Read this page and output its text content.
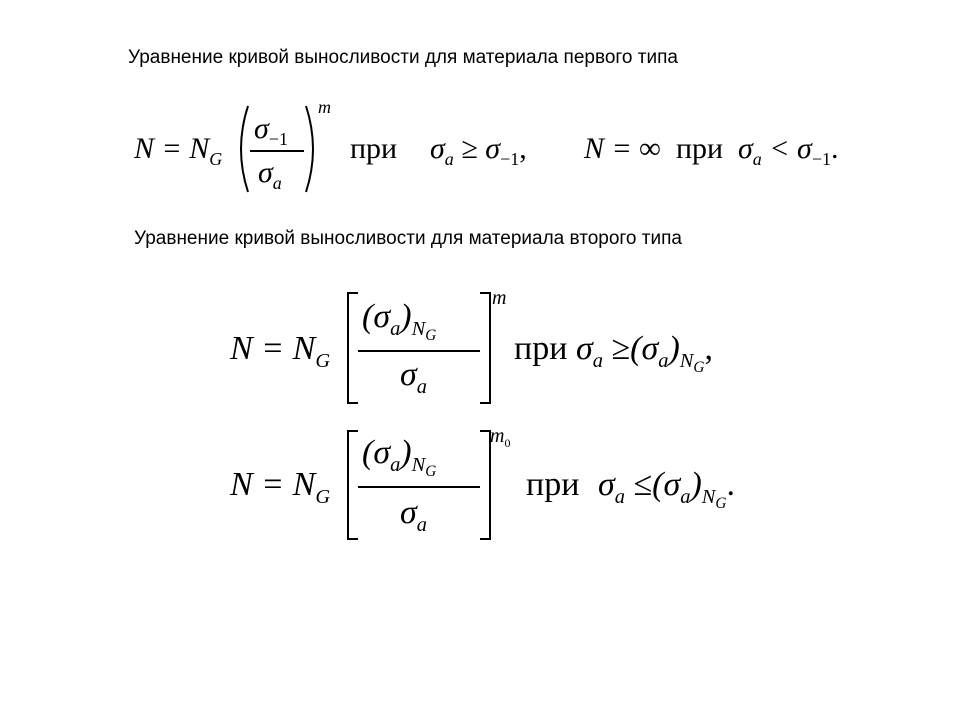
Уравнение кривой выносливости для материала первого типа
$N = N_G$
$\sigma_{-1}$
$\sigma_a$
m
при $\sigma_a \ge \sigma_{-1}$, N = ∞ при $\sigma_a < \sigma_{-1}$.
Уравнение кривой выносливости для материала второго типа
$N = N_G$
$(\sigma_a)_{N_G}$
$\sigma_a$
m
при $\sigma_a \ge(\sigma_a)_{N_G}$,
$N = N_G$
$(\sigma_a)_{N_G}$
$\sigma_a$
$m_0$
при $\sigma_a \le(\sigma_a)_{N_G}$.
